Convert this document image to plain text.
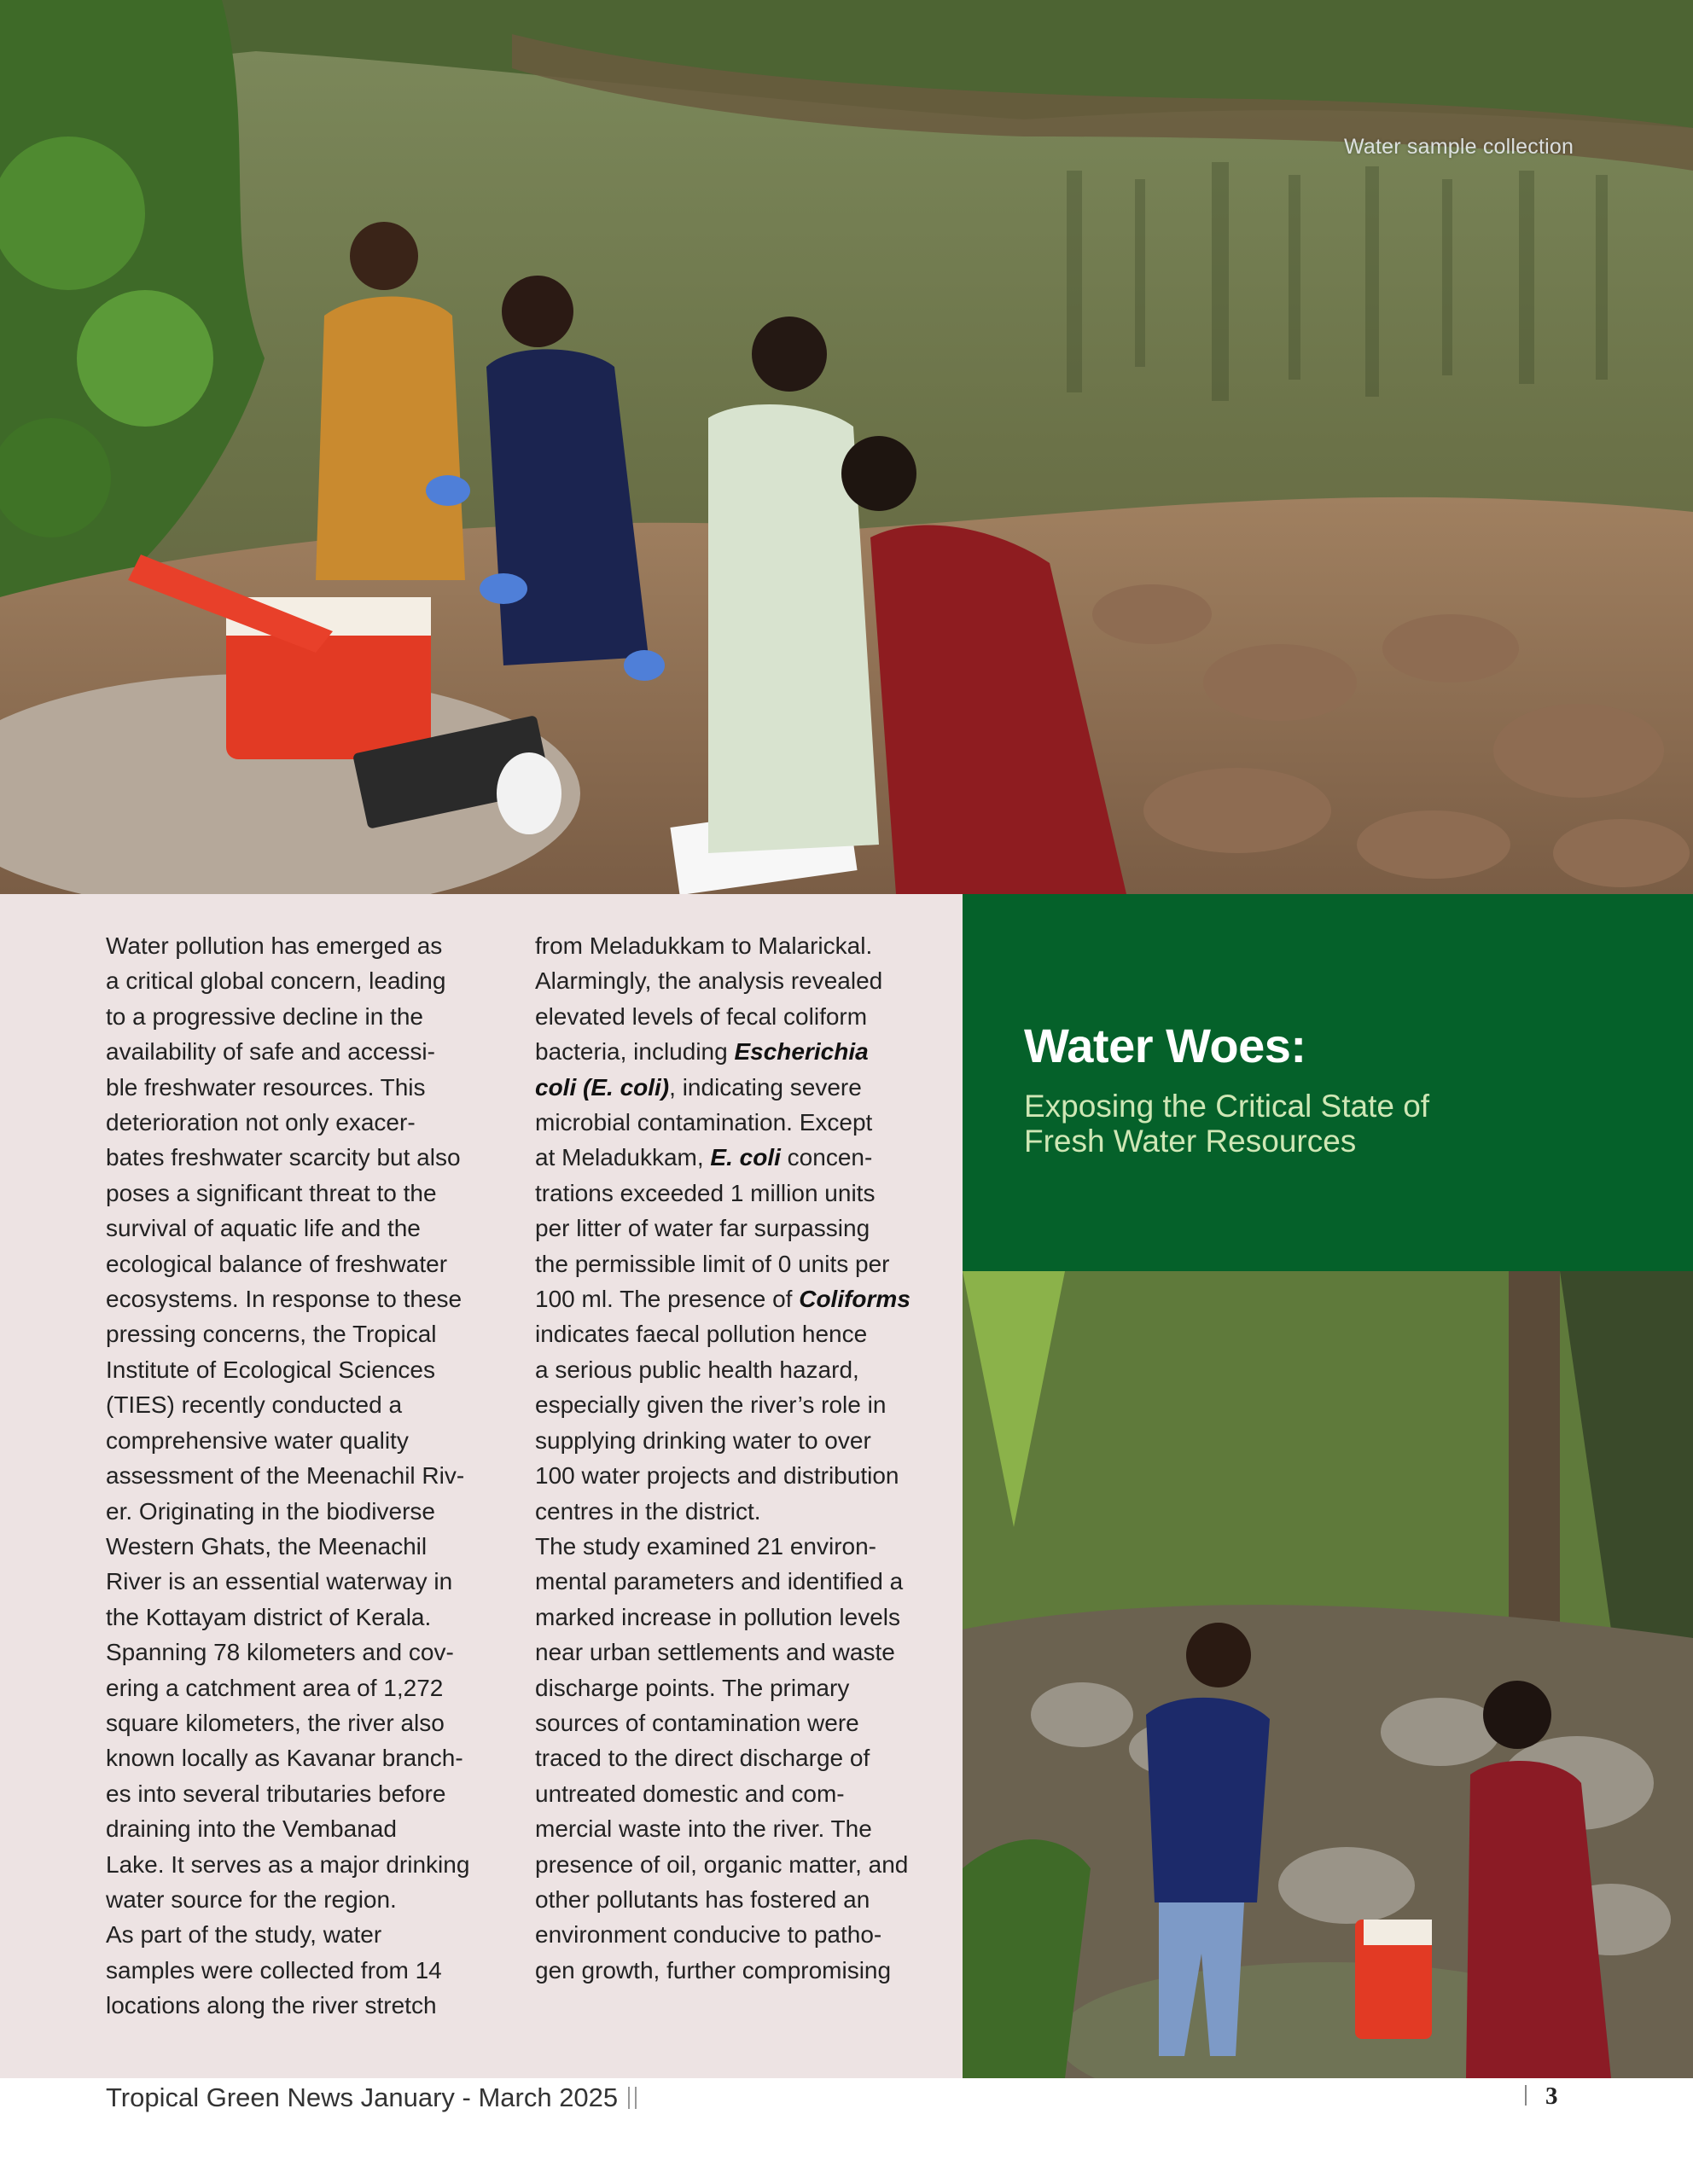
Water sample collection

Water pollution has emerged as
a critical global concern, leading
to a progressive decline in the
availability of safe and accessi-
ble freshwater resources. This
deterioration not only exacer-
bates freshwater scarcity but also
poses a significant threat to the
survival of aquatic life and the
ecological balance of freshwater
ecosystems. In response to these
pressing concerns, the Tropical
Institute of Ecological Sciences
(TIES) recently conducted a
comprehensive water quality
assessment of the Meenachil Riv-
er. Originating in the biodiverse
Western Ghats, the Meenachil
River is an essential waterway in
the Kottayam district of Kerala.
Spanning 78 kilometers and cov-
ering a catchment area of 1,272
square kilometers, the river also
known locally as Kavanar branch-
es into several tributaries before
draining into the Vembanad
Lake. It serves as a major drinking
water source for the region.

As part of the study, water
samples were collected from 14
locations along the river stretch

from Meladukkam to Malarickal.
Alarmingly, the analysis revealed
elevated levels of fecal coliform
bacteria, including Escherichia
coli (E. coli), indicating severe
microbial contamination. Except
at Meladukkam, E. coli concen-
trations exceeded 1 million units
per litter of water far surpassing
the permissible limit of 0 units per
100 ml. The presence of Coliforms
indicates faecal pollution hence
a serious public health hazard,
especially given the river’s role in
supplying drinking water to over
100 water projects and distribution
centres in the district.

The study examined 21 environ-
mental parameters and identified a
marked increase in pollution levels
near urban settlements and waste
discharge points. The primary
sources of contamination were
traced to the direct discharge of
untreated domestic and com-
mercial waste into the river. The
presence of oil, organic matter, and
other pollutants has fostered an
environment conducive to patho-
gen growth, further compromising

Water Woes:
Exposing the Critical State of
Fresh Water Resources
Tropical Green News January - March 2025	3
